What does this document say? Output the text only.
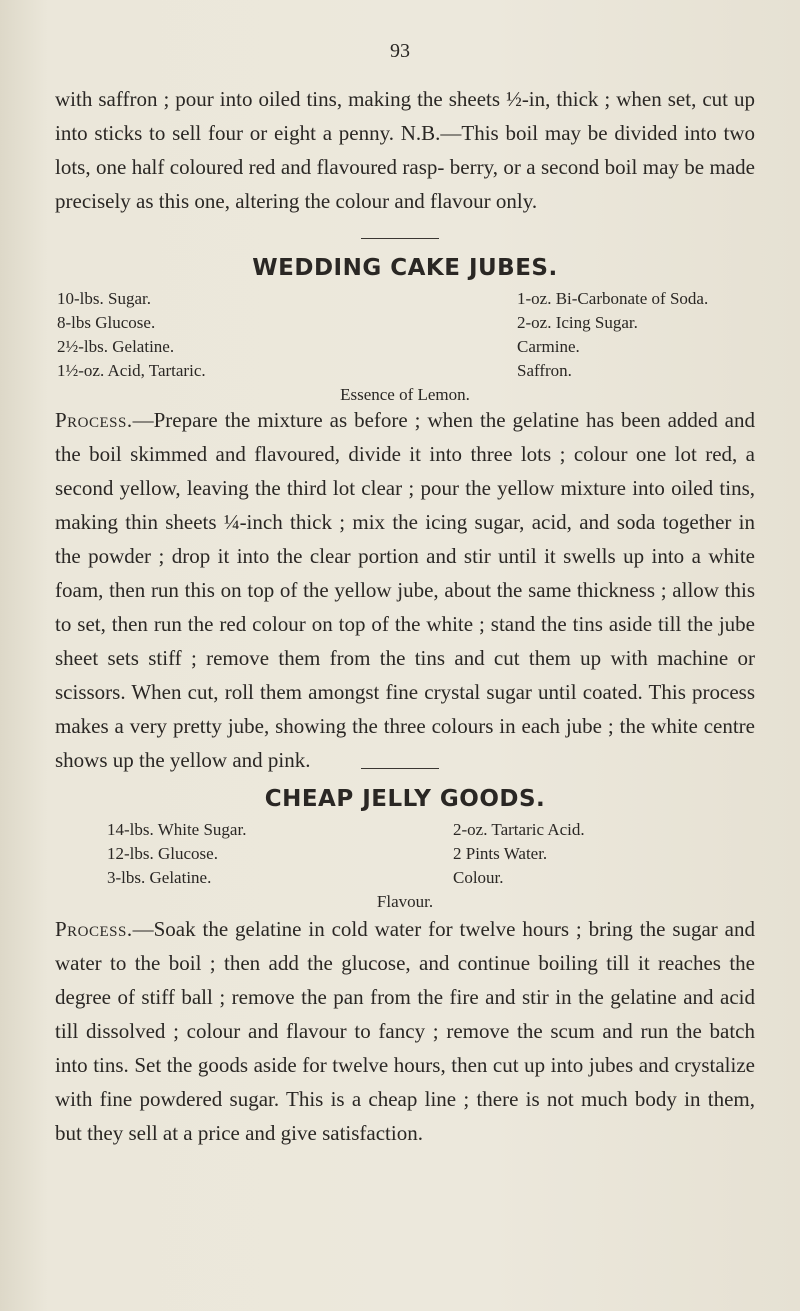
93

with saffron ; pour into oiled tins, making the sheets ½-in, thick ; when set, cut up into sticks to sell four or eight a penny. N.B.—This boil may be divided into two lots, one half coloured red and flavoured rasp- berry, or a second boil may be made precisely as this one, altering the colour and flavour only.

WEDDING CAKE JUBES.
10-lbs. Sugar.
8-lbs Glucose.
2½-lbs. Gelatine.
1½-oz. Acid, Tartaric.
1-oz. Bi-Carbonate of Soda.
2-oz. Icing Sugar.
Carmine.
Saffron.
Essence of Lemon.

Process.—Prepare the mixture as before ; when the gelatine has been added and the boil skimmed and flavoured, divide it into three lots ; colour one lot red, a second yellow, leaving the third lot clear ; pour the yellow mixture into oiled tins, making thin sheets ¼-inch thick ; mix the icing sugar, acid, and soda together in the powder ; drop it into the clear portion and stir until it swells up into a white foam, then run this on top of the yellow jube, about the same thickness ; allow this to set, then run the red colour on top of the white ; stand the tins aside till the jube sheet sets stiff ; remove them from the tins and cut them up with machine or scissors. When cut, roll them amongst fine crystal sugar until coated. This process makes a very pretty jube, showing the three colours in each jube ; the white centre shows up the yellow and pink.

CHEAP JELLY GOODS.
14-lbs. White Sugar.
12-lbs. Glucose.
3-lbs. Gelatine.
2-oz. Tartaric Acid.
2 Pints Water.
Colour.
Flavour.

Process.—Soak the gelatine in cold water for twelve hours ; bring the sugar and water to the boil ; then add the glucose, and continue boiling till it reaches the degree of stiff ball ; remove the pan from the fire and stir in the gelatine and acid till dissolved ; colour and flavour to fancy ; remove the scum and run the batch into tins. Set the goods aside for twelve hours, then cut up into jubes and crystalize with fine powdered sugar. This is a cheap line ; there is not much body in them, but they sell at a price and give satisfaction.
